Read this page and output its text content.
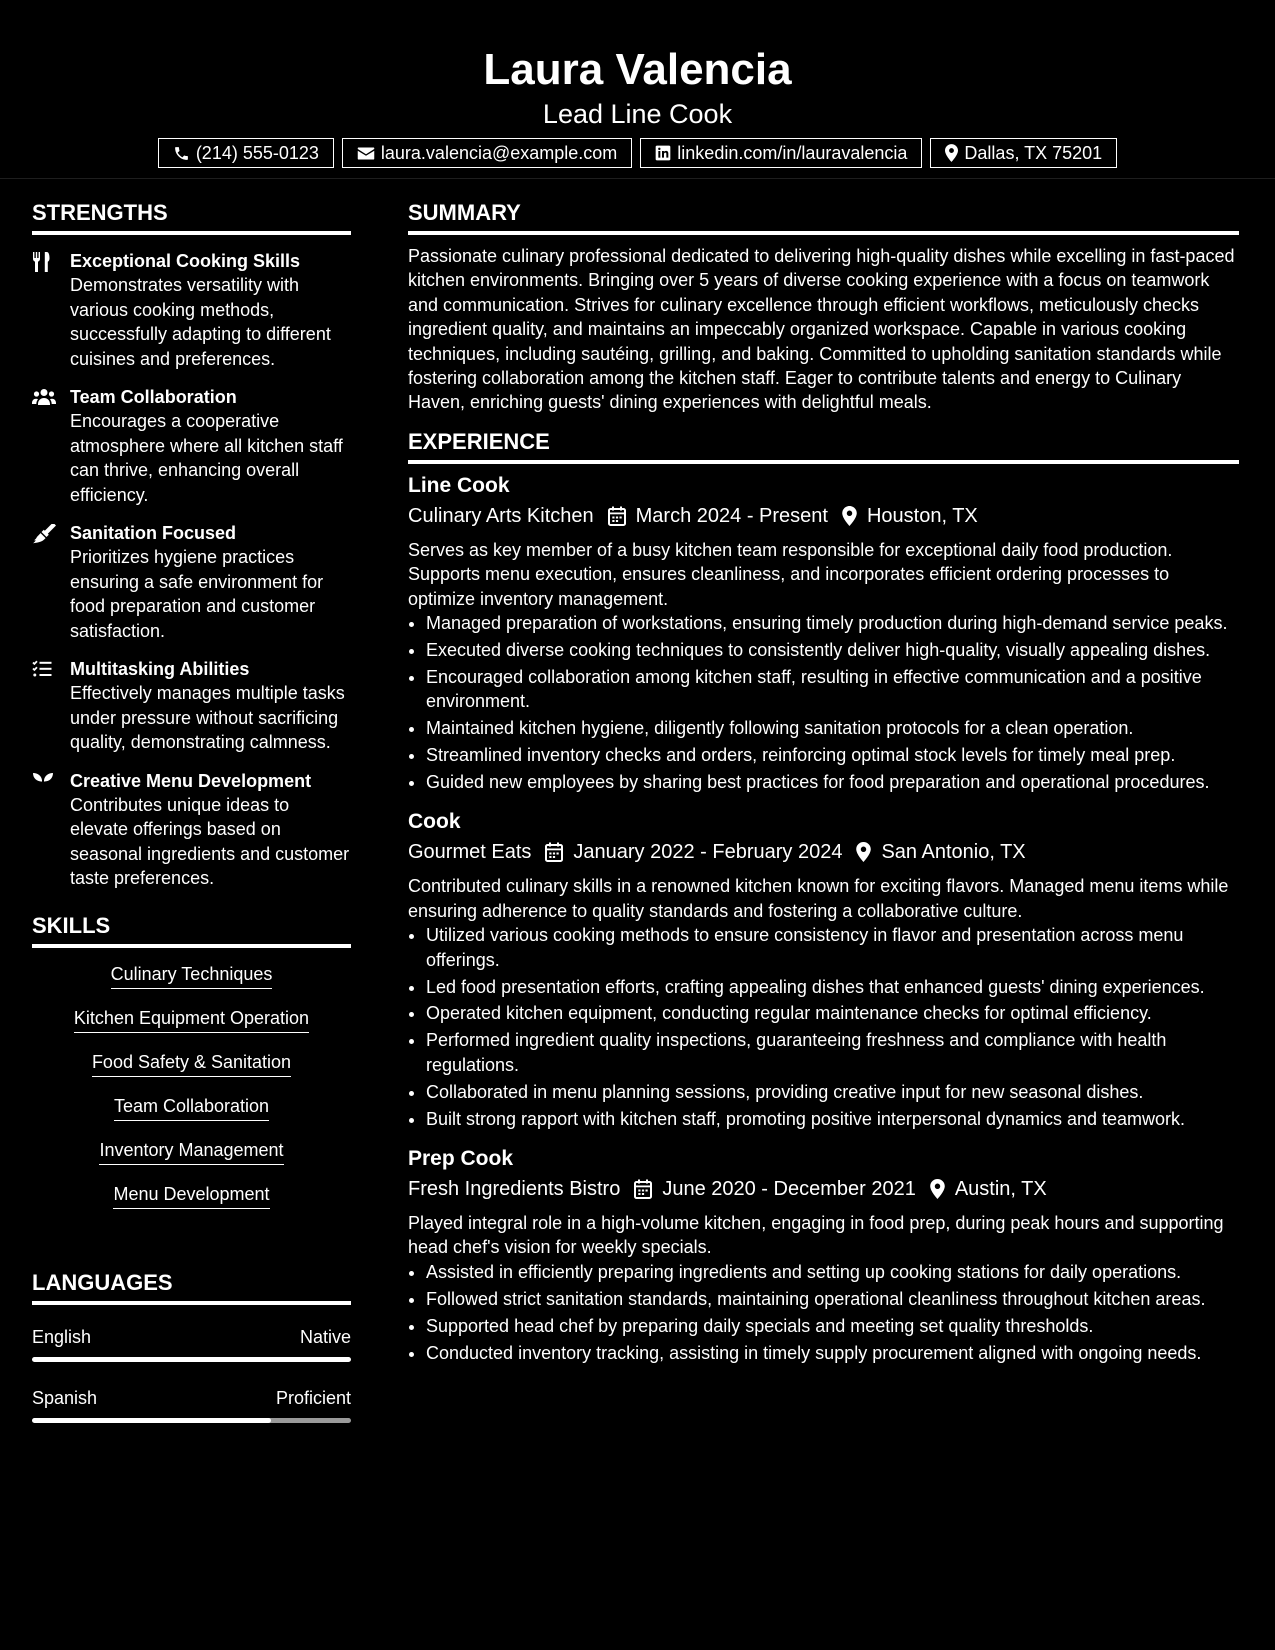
Laura Valencia
Lead Line Cook
(214) 555-0123	laura.valencia@example.com	linkedin.com/in/lauravalencia	Dallas, TX 75201
STRENGTHS
Exceptional Cooking Skills
Demonstrates versatility with various cooking methods, successfully adapting to different cuisines and preferences.
Team Collaboration
Encourages a cooperative atmosphere where all kitchen staff can thrive, enhancing overall efficiency.
Sanitation Focused
Prioritizes hygiene practices ensuring a safe environment for food preparation and customer satisfaction.
Multitasking Abilities
Effectively manages multiple tasks under pressure without sacrificing quality, demonstrating calmness.
Creative Menu Development
Contributes unique ideas to elevate offerings based on seasonal ingredients and customer taste preferences.
SKILLS
Culinary Techniques
Kitchen Equipment Operation
Food Safety & Sanitation
Team Collaboration
Inventory Management
Menu Development
LANGUAGES
English	Native
Spanish	Proficient
SUMMARY
Passionate culinary professional dedicated to delivering high-quality dishes while excelling in fast-paced kitchen environments. Bringing over 5 years of diverse cooking experience with a focus on teamwork and communication. Strives for culinary excellence through efficient workflows, meticulously checks ingredient quality, and maintains an impeccably organized workspace. Capable in various cooking techniques, including sautéing, grilling, and baking. Committed to upholding sanitation standards while fostering collaboration among the kitchen staff. Eager to contribute talents and energy to Culinary Haven, enriching guests' dining experiences with delightful meals.
EXPERIENCE
Line Cook
Culinary Arts Kitchen March 2024 - Present Houston, TX
Serves as key member of a busy kitchen team responsible for exceptional daily food production. Supports menu execution, ensures cleanliness, and incorporates efficient ordering processes to optimize inventory management.
• Managed preparation of workstations, ensuring timely production during high-demand service peaks.
• Executed diverse cooking techniques to consistently deliver high-quality, visually appealing dishes.
• Encouraged collaboration among kitchen staff, resulting in effective communication and a positive environment.
• Maintained kitchen hygiene, diligently following sanitation protocols for a clean operation.
• Streamlined inventory checks and orders, reinforcing optimal stock levels for timely meal prep.
• Guided new employees by sharing best practices for food preparation and operational procedures.
Cook
Gourmet Eats January 2022 - February 2024 San Antonio, TX
Contributed culinary skills in a renowned kitchen known for exciting flavors. Managed menu items while ensuring adherence to quality standards and fostering a collaborative culture.
• Utilized various cooking methods to ensure consistency in flavor and presentation across menu offerings.
• Led food presentation efforts, crafting appealing dishes that enhanced guests' dining experiences.
• Operated kitchen equipment, conducting regular maintenance checks for optimal efficiency.
• Performed ingredient quality inspections, guaranteeing freshness and compliance with health regulations.
• Collaborated in menu planning sessions, providing creative input for new seasonal dishes.
• Built strong rapport with kitchen staff, promoting positive interpersonal dynamics and teamwork.
Prep Cook
Fresh Ingredients Bistro June 2020 - December 2021 Austin, TX
Played integral role in a high-volume kitchen, engaging in food prep, during peak hours and supporting head chef's vision for weekly specials.
• Assisted in efficiently preparing ingredients and setting up cooking stations for daily operations.
• Followed strict sanitation standards, maintaining operational cleanliness throughout kitchen areas.
• Supported head chef by preparing daily specials and meeting set quality thresholds.
• Conducted inventory tracking, assisting in timely supply procurement aligned with ongoing needs.
